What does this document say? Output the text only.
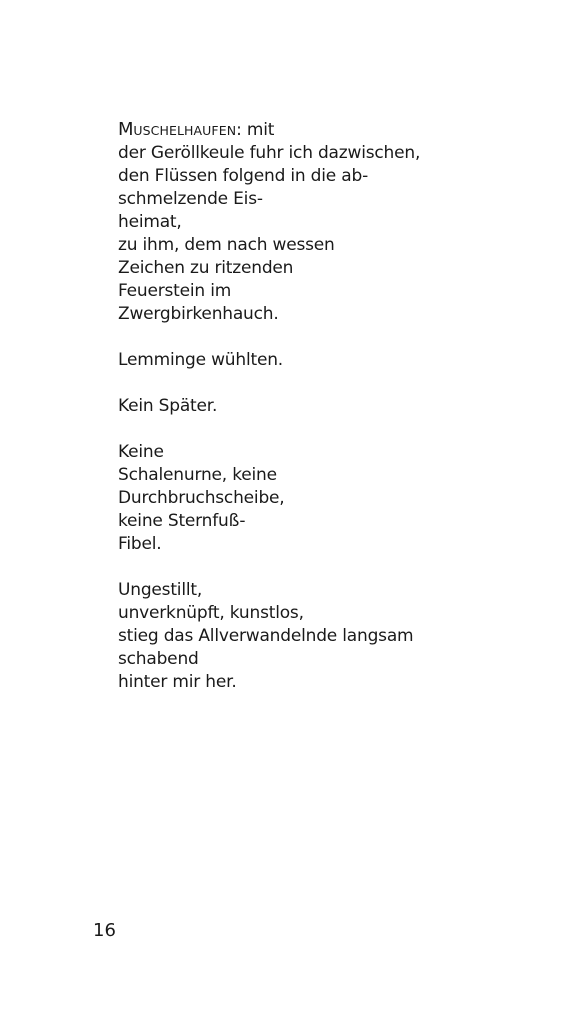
MUSCHELHAUFEN: mit
der Geröllkeule fuhr ich dazwischen,
den Flüssen folgend in die ab-
schmelzende Eis-
heimat,
zu ihm, dem nach wessen
Zeichen zu ritzenden
Feuerstein im
Zwergbirkenhauch.
Lemminge wühlten.
Kein Später.
Keine
Schalenurne, keine
Durchbruchscheibe,
keine Sternfuß-
Fibel.
Ungestillt,
unverknüpft, kunstlos,
stieg das Allverwandelnde langsam
schabend
hinter mir her.
16
